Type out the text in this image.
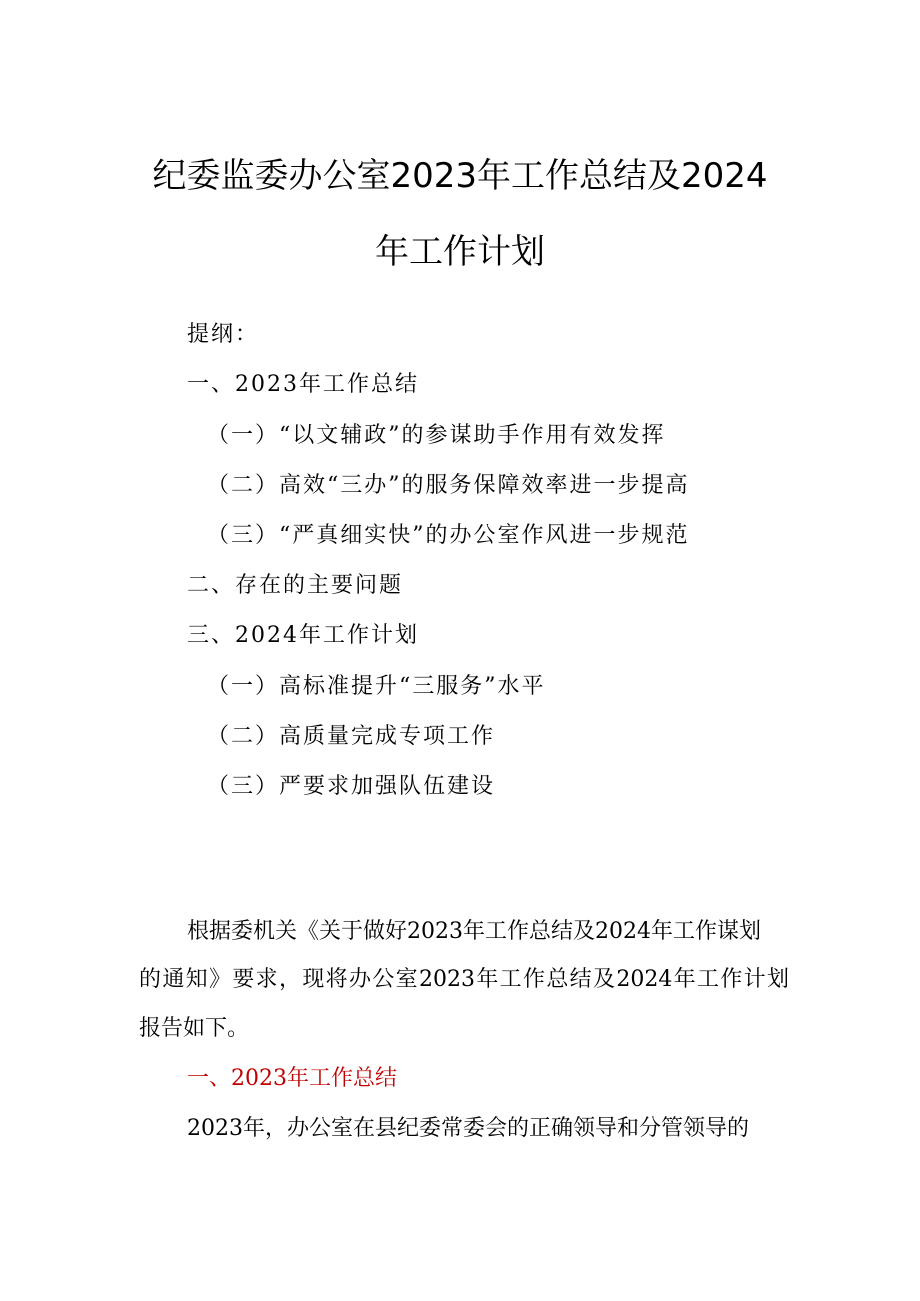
纪委监委办公室2023年工作总结及2024
年工作计划
提纲：
一、2023年工作总结
（一）“以文辅政”的参谋助手作用有效发挥
（二）高效“三办”的服务保障效率进一步提高
（三）“严真细实快”的办公室作风进一步规范
二、存在的主要问题
三、2024年工作计划
（一）高标准提升“三服务”水平
（二）高质量完成专项工作
（三）严要求加强队伍建设
根据委机关《关于做好2023年工作总结及2024年工作谋划
的通知》要求，现将办公室2023年工作总结及2024年工作计划
报告如下。
一、2023年工作总结
2023年，办公室在县纪委常委会的正确领导和分管领导的
